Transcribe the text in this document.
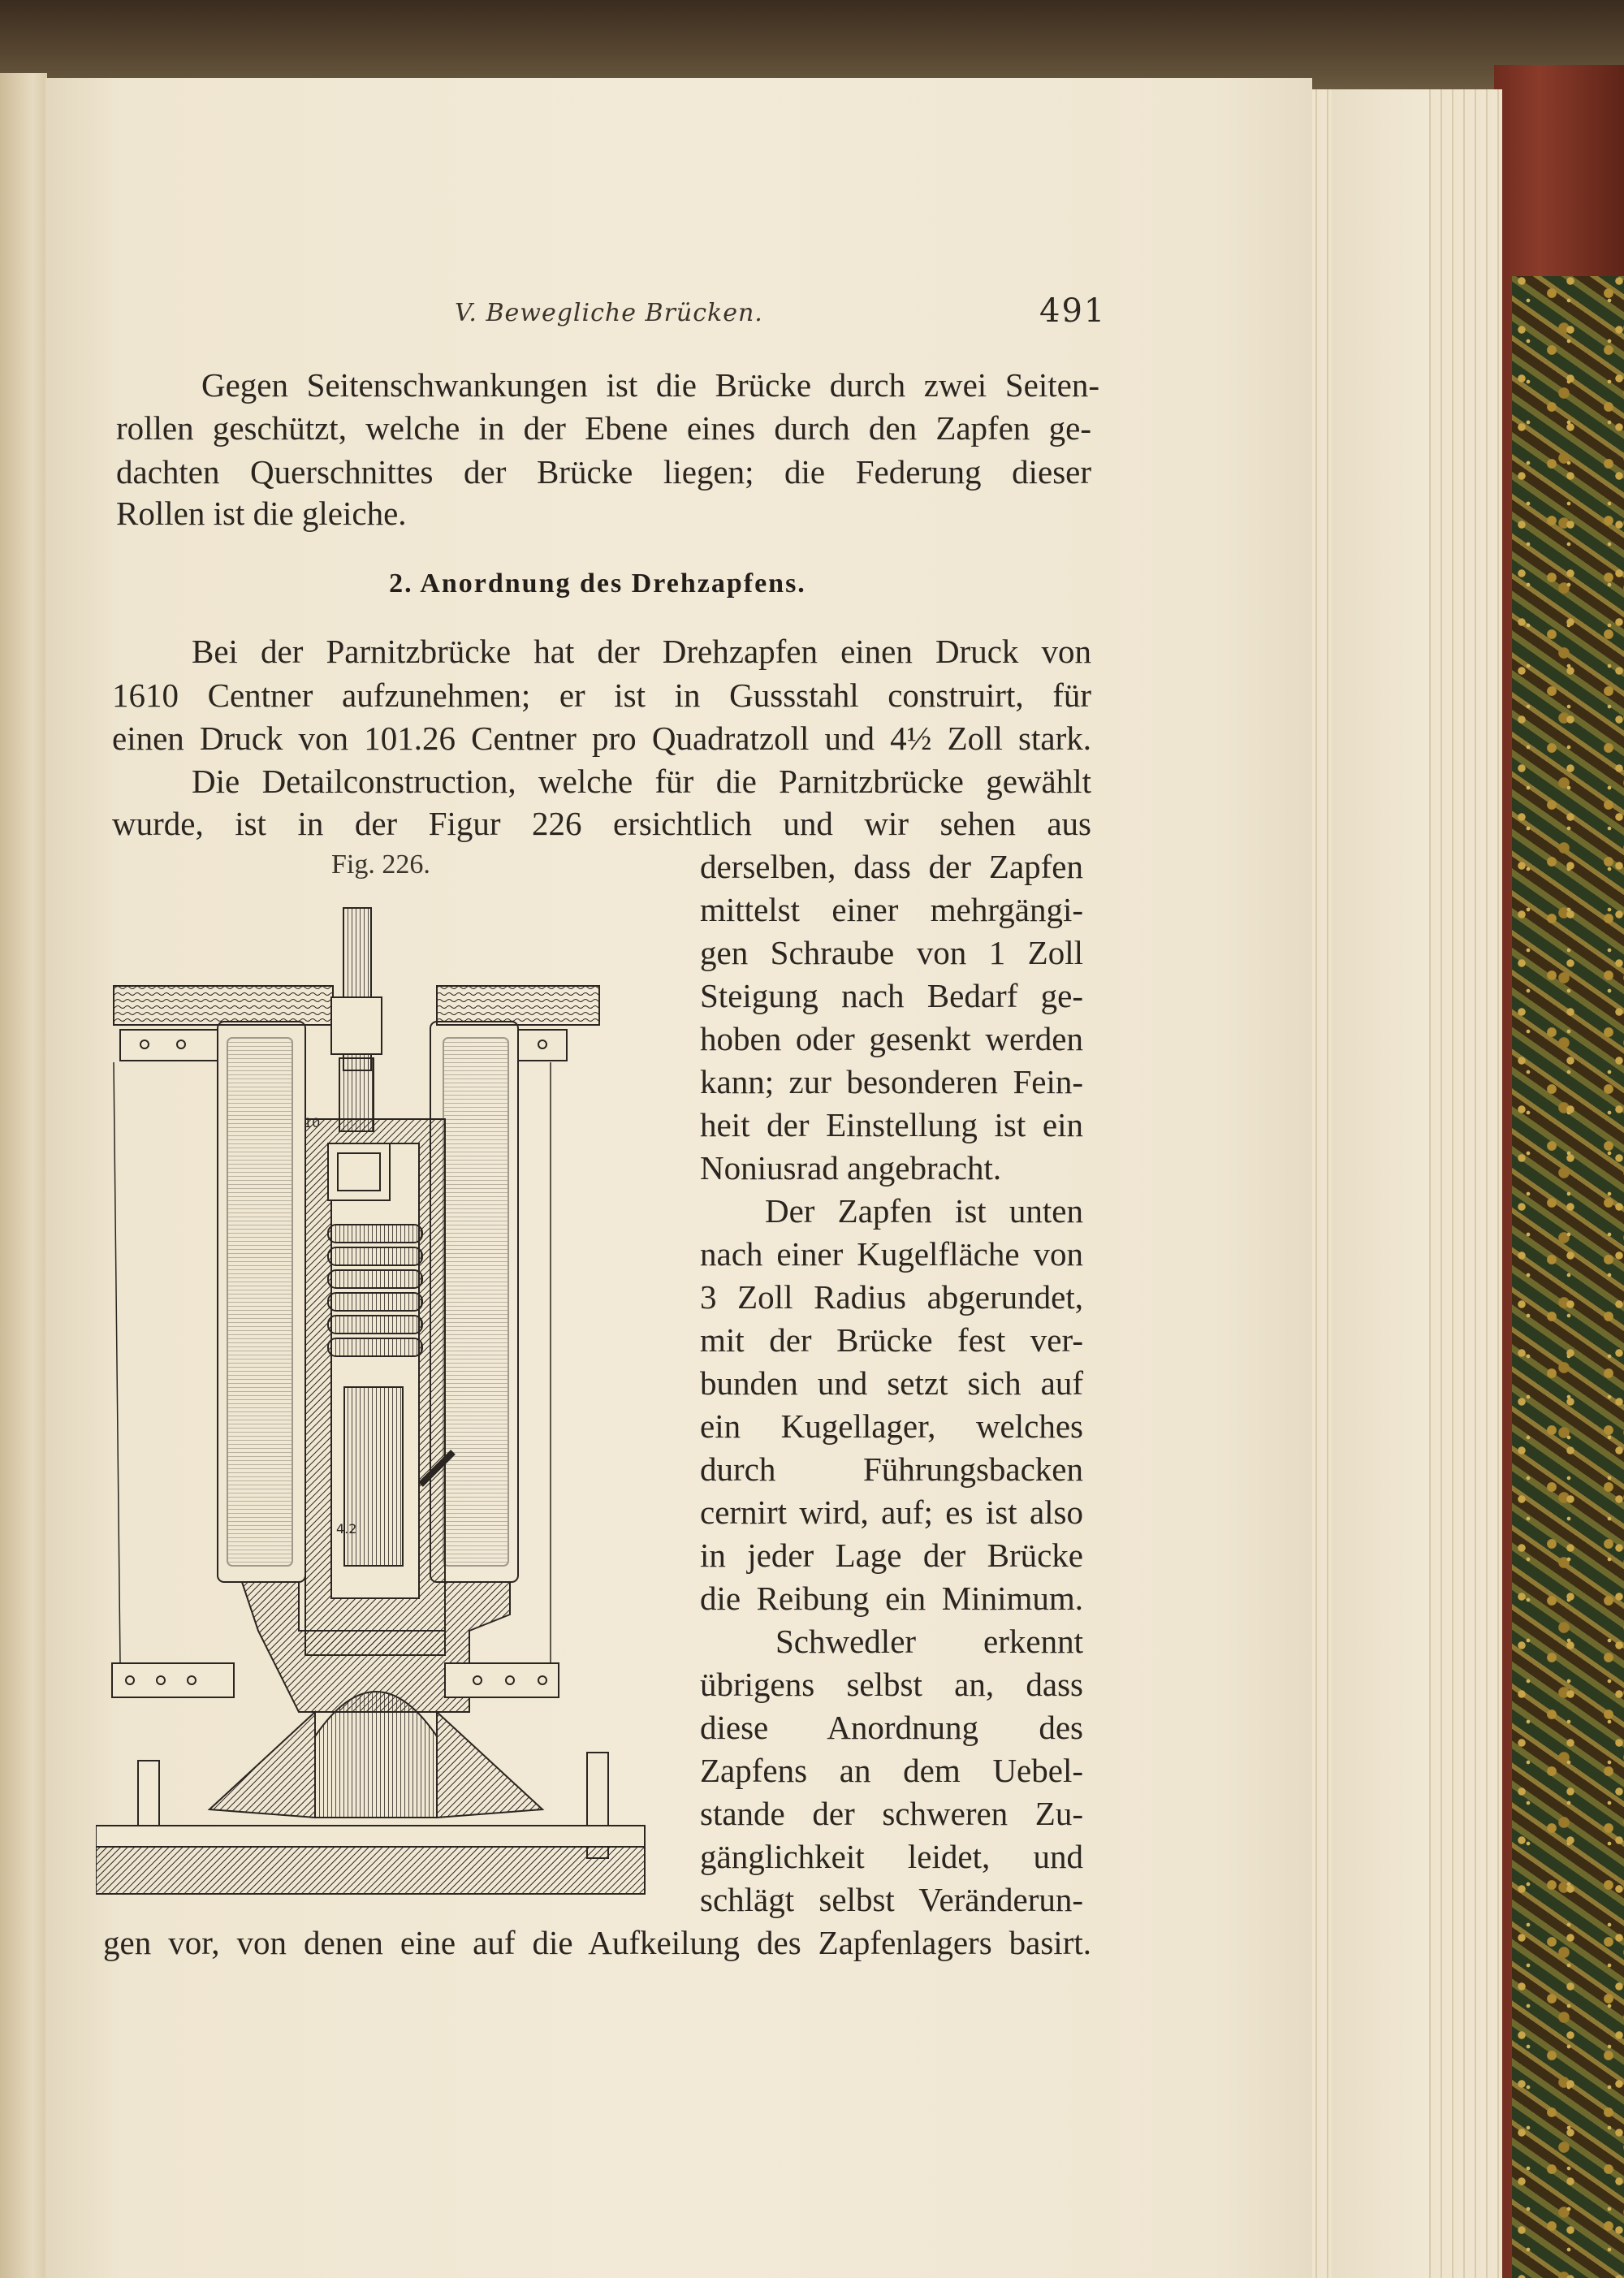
V. Bewegliche Brücken.	491
Gegen Seitenschwankungen ist die Brücke durch zwei Seiten-
rollen geschützt, welche in der Ebene eines durch den Zapfen ge-
dachten Querschnittes der Brücke liegen; die Federung dieser
Rollen ist die gleiche.
2. Anordnung des Drehzapfens.
Bei der Parnitzbrücke hat der Drehzapfen einen Druck von
1610 Centner aufzunehmen; er ist in Gussstahl construirt, für
einen Druck von 101.26 Centner pro Quadratzoll und 4½ Zoll stark.
Die Detailconstruction, welche für die Parnitzbrücke gewählt
wurde, ist in der Figur 226 ersichtlich und wir sehen aus
Fig. 226.
10
4.2
derselben, dass der Zapfen
mittelst einer mehrgängi-
gen Schraube von 1 Zoll
Steigung nach Bedarf ge-
hoben oder gesenkt werden
kann; zur besonderen Fein-
heit der Einstellung ist ein
Noniusrad angebracht.
Der Zapfen ist unten
nach einer Kugelfläche von
3 Zoll Radius abgerundet,
mit der Brücke fest ver-
bunden und setzt sich auf
ein Kugellager, welches
durch Führungsbacken
cernirt wird, auf; es ist also
in jeder Lage der Brücke
die Reibung ein Minimum.
Schwedler erkennt
übrigens selbst an, dass
diese Anordnung des
Zapfens an dem Uebel-
stande der schweren Zu-
gänglichkeit leidet, und
schlägt selbst Veränderun-
gen vor, von denen eine auf die Aufkeilung des Zapfenlagers basirt.
